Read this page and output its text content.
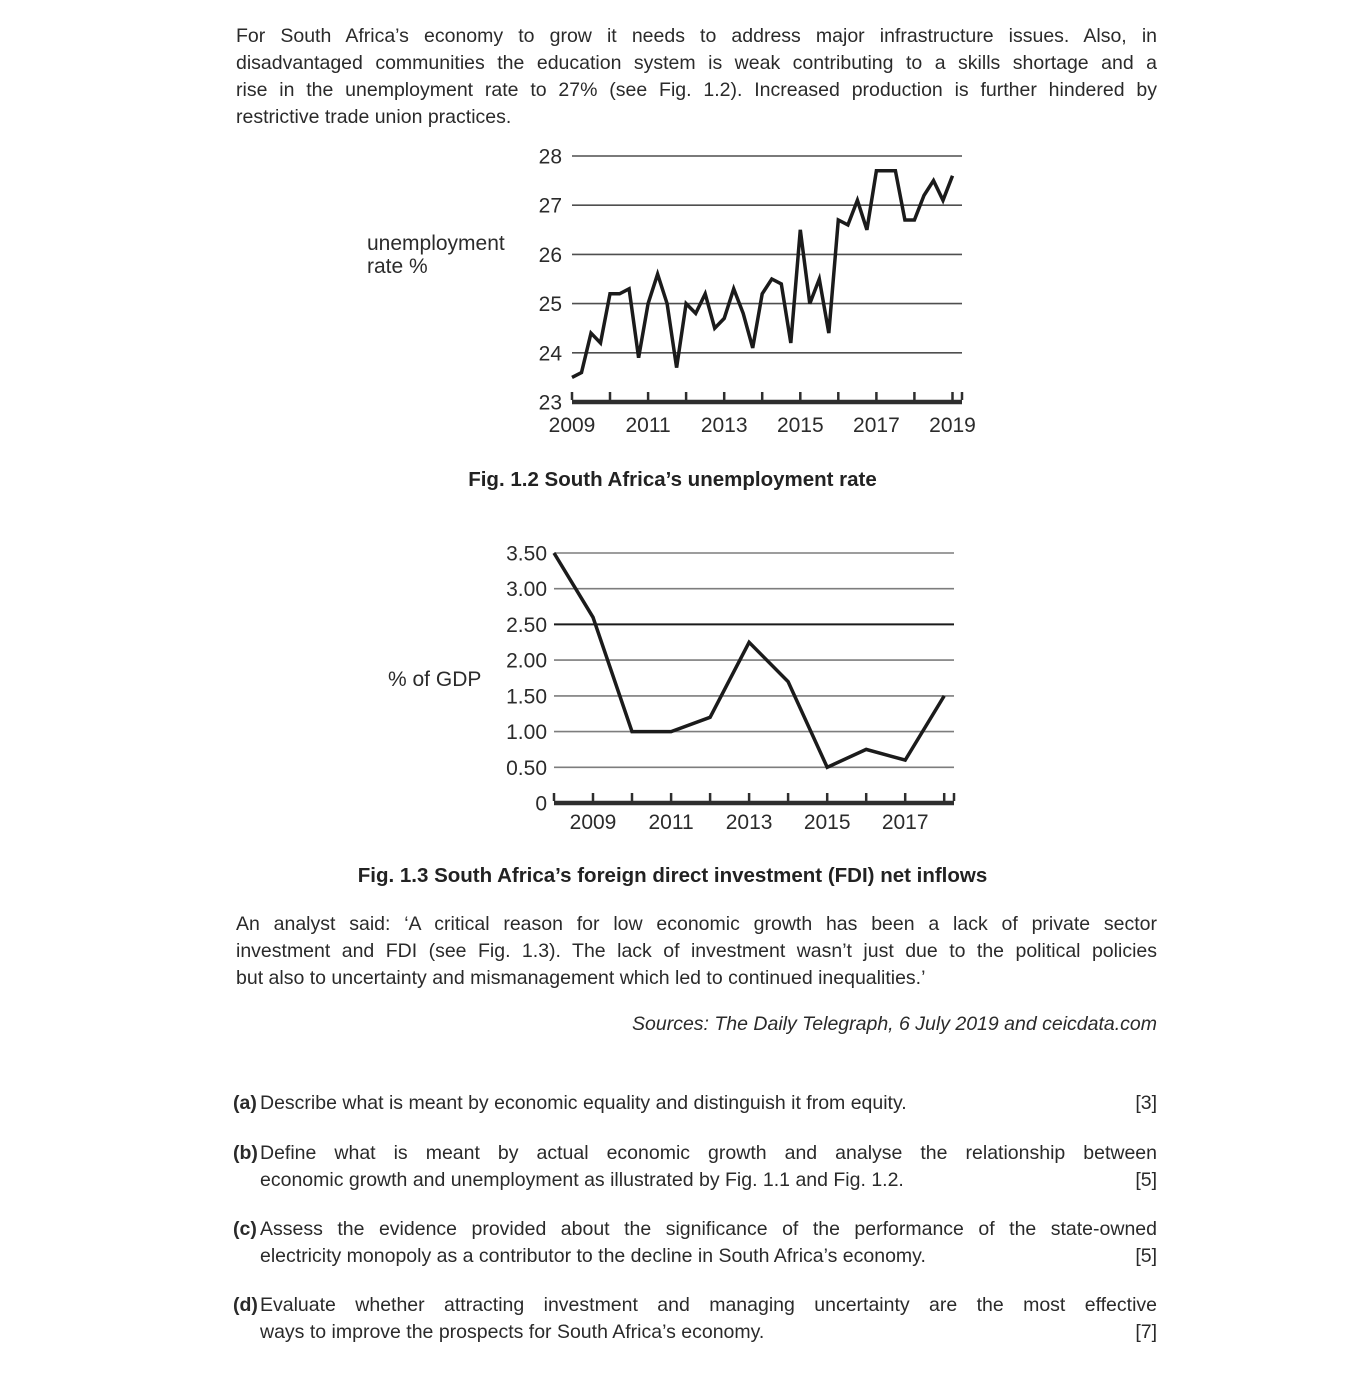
For South Africa’s economy to grow it needs to address major infrastructure issues. Also, in
disadvantaged communities the education system is weak contributing to a skills shortage and a
rise in the unemployment rate to 27% (see Fig. 1.2). Increased production is further hindered by
restrictive trade union practices.
23
24
25
26
27
28
2009 2011 2013 2015 2017 2019
unemployment
rate %
Fig. 1.2 South Africa’s unemployment rate
0
0.50
1.00
1.50
2.00
2.50
3.00
3.50
2009 2011 2013 2015 2017
% of GDP
Fig. 1.3 South Africa’s foreign direct investment (FDI) net inflows
An analyst said: ‘A critical reason for low economic growth has been a lack of private sector
investment and FDI (see Fig. 1.3). The lack of investment wasn’t just due to the political policies
but also to uncertainty and mismanagement which led to continued inequalities.’
Sources: The Daily Telegraph, 6 July 2019 and ceicdata.com
(a) Describe what is meant by economic equality and distinguish it from equity.	[3]
(b) Define what is meant by actual economic growth and analyse the relationship between
economic growth and unemployment as illustrated by Fig. 1.1 and Fig. 1.2.	[5]
(c) Assess the evidence provided about the significance of the performance of the state-owned
electricity monopoly as a contributor to the decline in South Africa’s economy.	[5]
(d) Evaluate whether attracting investment and managing uncertainty are the most effective
ways to improve the prospects for South Africa’s economy.	[7]
